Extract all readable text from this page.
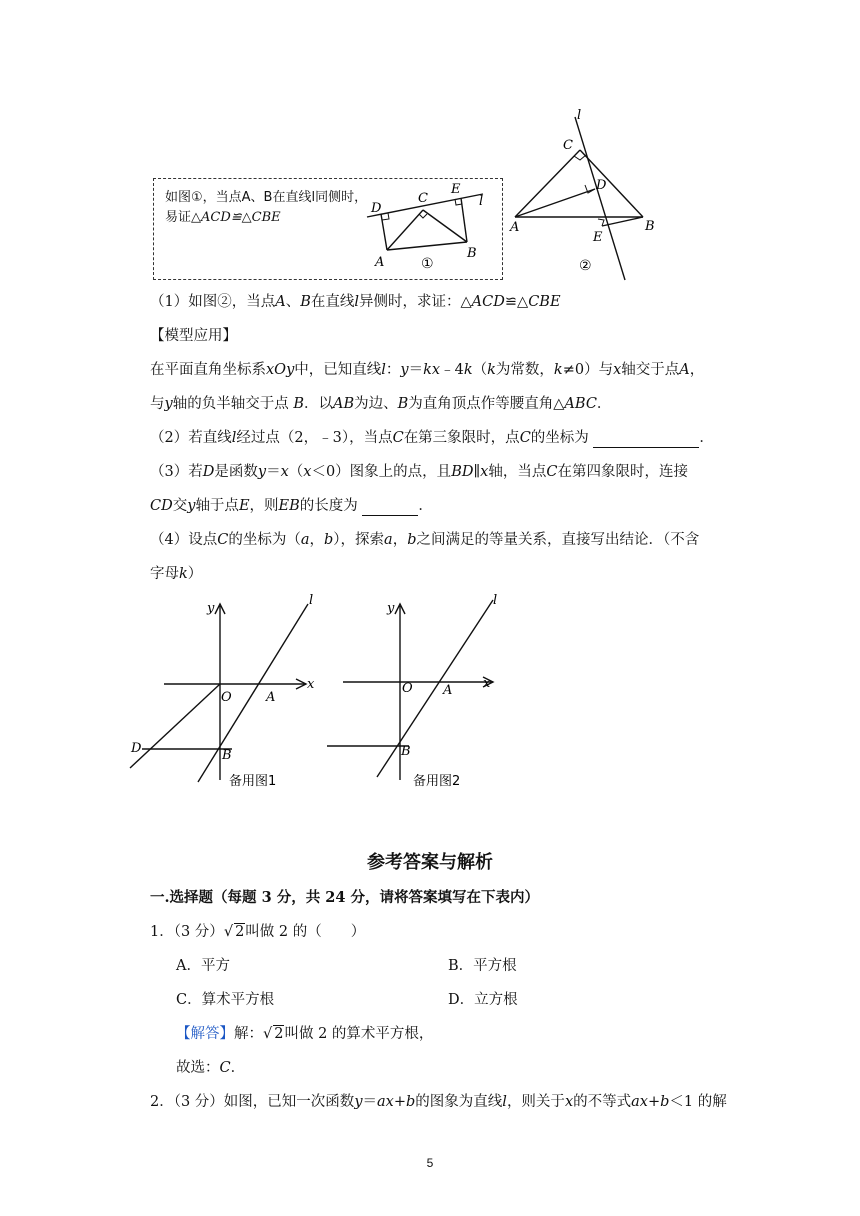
l
C
D
A	B
E
②
如图①，当点A、B在直线l同侧时，
易证△ACD≌△CBE
D
C
E
l
A
B
①
（1）如图②，当点A、B在直线l异侧时，求证：△ACD≌△CBE
【模型应用】
在平面直角坐标系xOy中，已知直线l：y＝kx﹣4k（k为常数，k≠0）与x轴交于点A，
与y轴的负半轴交于点 B．以AB为边、B为直角顶点作等腰直角△ABC．
（2）若直线l经过点（2，﹣3），当点C在第三象限时，点C的坐标为	．
（3）若D是函数y＝x（x＜0）图象上的点，且BD∥x轴，当点C在第四象限时，连接
CD交y轴于点E，则EB的长度为	．
（4）设点C的坐标为（a，b），探索a，b之间满足的等量关系，直接写出结论．（不含
字母k）
y
l
O	A
x
D	B
备用图1
y
l
O A x
B
备用图2
参考答案与解析
一.选择题（每题 3 分，共 24 分，请将答案填写在下表内）
1．（3 分）√ 2叫做 2 的（　　）
A．平方	B．平方根
C．算术平方根	D．立方根
【解答】解：√ 2叫做 2 的算术平方根，
故选：C．
2．（3 分）如图，已知一次函数y＝ax+b的图象为直线l，则关于x的不等式ax+b＜1 的解
5
